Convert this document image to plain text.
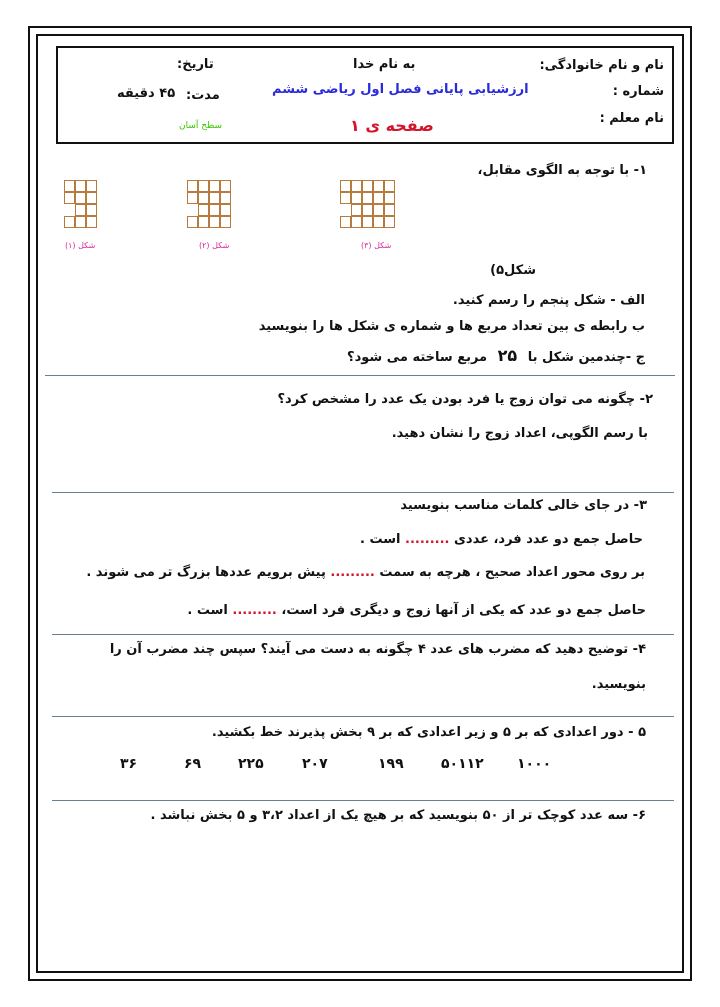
نام و نام خانوادگی:
شماره :
نام معلم :
به نام خدا
ارزشیابی پایانی فصل اول ریاضی ششم
صفحه ی ۱
تاریخ:
مدت:
۴۵ دقیقه
سطح آسان
۱- با توجه به الگوی مقابل،
شکل (۱)	شکل (۲)	شکل (۳)
شکل۵)
الف - شکل پنجم را رسم کنید.
ب رابطه ی بین تعداد مربع ها و شماره ی شکل ها را بنویسید
ج -چندمین شکل با ۲۵ مربع ساخته می شود؟
۲- چگونه می توان زوج یا فرد بودن یک عدد را مشخص کرد؟
با رسم الگوپی، اعداد زوج را نشان دهید.
۳- در جای خالی کلمات مناسب بنویسید
حاصل جمع دو عدد فرد، عددی ......... است .
بر روی محور اعداد صحیح ، هرچه به سمت ......... پیش برویم عددها بزرگ تر می شوند .
حاصل جمع دو عدد که یکی از آنها زوج و دیگری فرد است، ......... است .
۴- توضیح دهید که مضرب های عدد ۴ چگونه به دست می آیند؟ سپس چند مضرب آن را
بنویسید.
۵ - دور اعدادی که بر ۵ و زیر اعدادی که بر ۹ بخش پذیرند خط بکشید.
۱۰۰۰
۵۰۱۱۲
۱۹۹
۲۰۷
۲۲۵
۶۹
۳۶
۶- سه عدد کوچک تر از ۵۰ بنویسید که بر هیچ یک از اعداد ۳،۲ و ۵ بخش نباشد .
